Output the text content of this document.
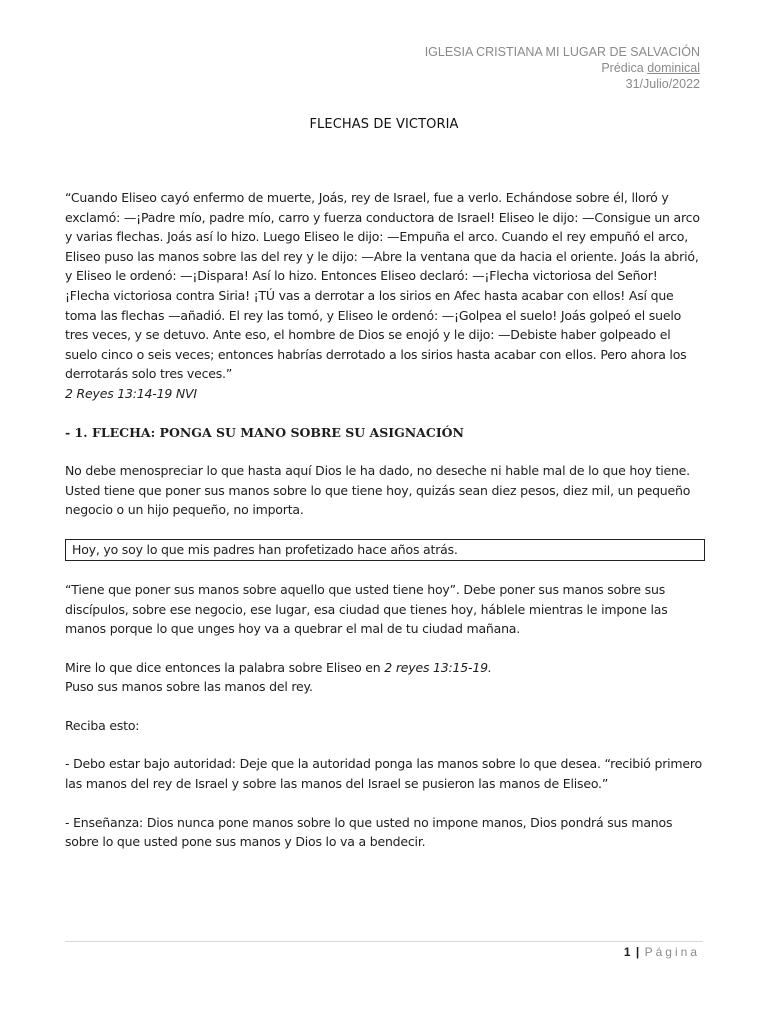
IGLESIA CRISTIANA MI LUGAR DE SALVACIÓN
Prédica dominical
31/Julio/2022
FLECHAS DE VICTORIA

“Cuando Eliseo cayó enfermo de muerte, Joás, rey de Israel, fue a verlo. Echándose sobre él, lloró y exclamó: —¡Padre mío, padre mío, carro y fuerza conductora de Israel! Eliseo le dijo: —Consigue un arco y varias flechas. Joás así lo hizo. Luego Eliseo le dijo: —Empuña el arco. Cuando el rey empuñó el arco, Eliseo puso las manos sobre las del rey y le dijo: —Abre la ventana que da hacia el oriente. Joás la abrió, y Eliseo le ordenó: —¡Dispara! Así lo hizo. Entonces Eliseo declaró: —¡Flecha victoriosa del Señor! ¡Flecha victoriosa contra Siria! ¡TÚ vas a derrotar a los sirios en Afec hasta acabar con ellos! Así que toma las flechas —añadió. El rey las tomó, y Eliseo le ordenó: —¡Golpea el suelo! Joás golpeó el suelo tres veces, y se detuvo. Ante eso, el hombre de Dios se enojó y le dijo: —Debiste haber golpeado el suelo cinco o seis veces; entonces habrías derrotado a los sirios hasta acabar con ellos. Pero ahora los derrotarás solo tres veces.”

2 Reyes 13:14-19 NVI

- 1. FLECHA: PONGA SU MANO SOBRE SU ASIGNACIÓN

No debe menospreciar lo que hasta aquí Dios le ha dado, no deseche ni hable mal de lo que hoy tiene.

Usted tiene que poner sus manos sobre lo que tiene hoy, quizás sean diez pesos, diez mil, un pequeño negocio o un hijo pequeño, no importa.

Hoy, yo soy lo que mis padres han profetizado hace años atrás.

“Tiene que poner sus manos sobre aquello que usted tiene hoy”. Debe poner sus manos sobre sus discípulos, sobre ese negocio, ese lugar, esa ciudad que tienes hoy, háblele mientras le impone las manos porque lo que unges hoy va a quebrar el mal de tu ciudad mañana.

Mire lo que dice entonces la palabra sobre Eliseo en 2 reyes 13:15-19.

Puso sus manos sobre las manos del rey.

Reciba esto:

- Debo estar bajo autoridad: Deje que la autoridad ponga las manos sobre lo que desea. “recibió primero las manos del rey de Israel y sobre las manos del Israel se pusieron las manos de Eliseo.”

- Enseñanza: Dios nunca pone manos sobre lo que usted no impone manos, Dios pondrá sus manos sobre lo que usted pone sus manos y Dios lo va a bendecir.

1 | Página
